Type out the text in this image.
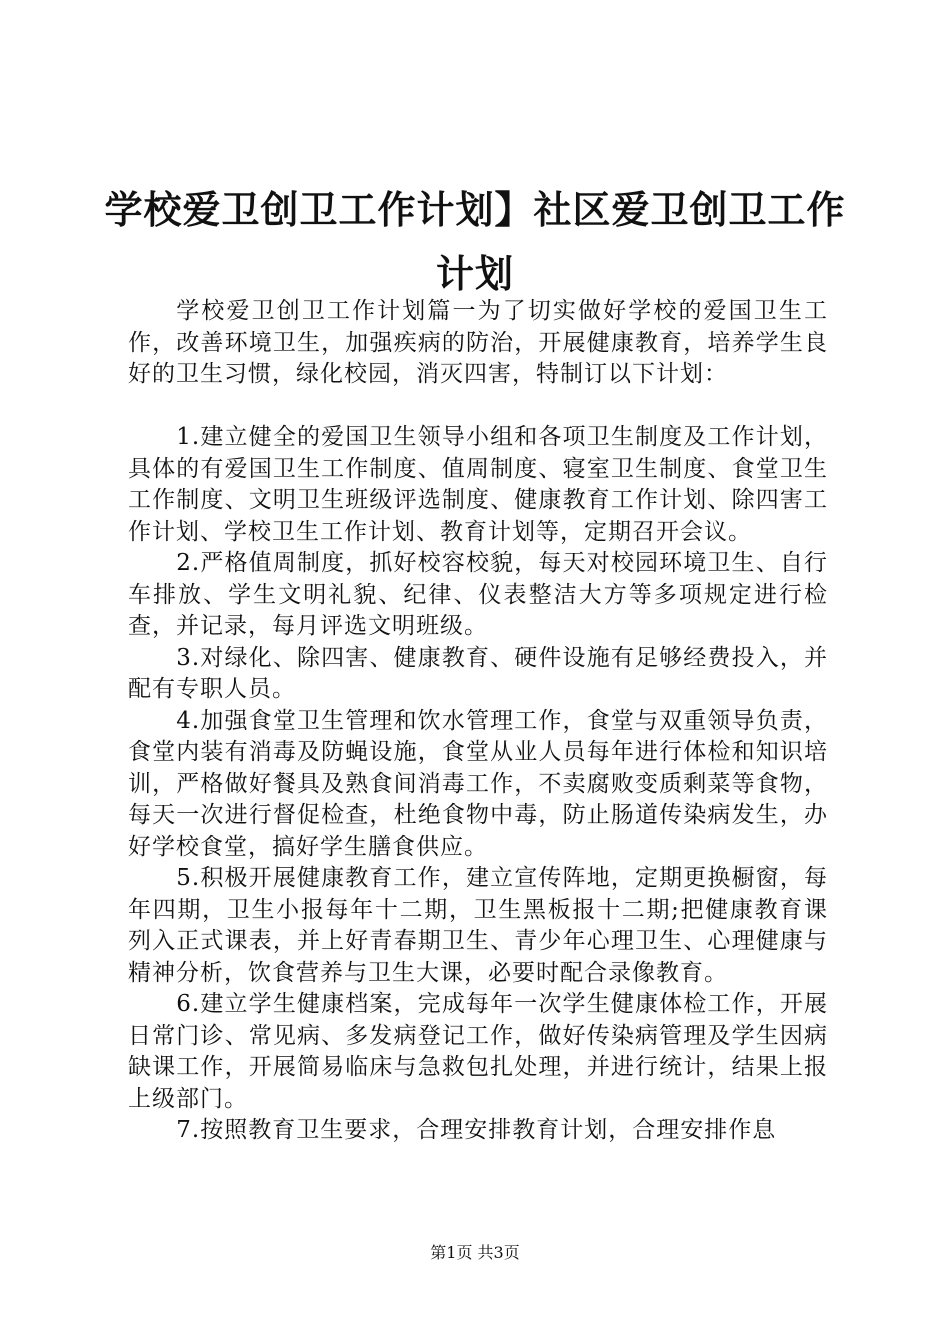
学校爱卫创卫工作计划】社区爱卫创卫工作计划

学校爱卫创卫工作计划篇一为了切实做好学校的爱国卫生工作，改善环境卫生，加强疾病的防治，开展健康教育，培养学生良好的卫生习惯，绿化校园，消灭四害，特制订以下计划：

1.建立健全的爱国卫生领导小组和各项卫生制度及工作计划，具体的有爱国卫生工作制度、值周制度、寝室卫生制度、食堂卫生工作制度、文明卫生班级评选制度、健康教育工作计划、除四害工作计划、学校卫生工作计划、教育计划等，定期召开会议。

2.严格值周制度，抓好校容校貌，每天对校园环境卫生、自行车排放、学生文明礼貌、纪律、仪表整洁大方等多项规定进行检查，并记录，每月评选文明班级。

3.对绿化、除四害、健康教育、硬件设施有足够经费投入，并配有专职人员。

4.加强食堂卫生管理和饮水管理工作，食堂与双重领导负责，食堂内装有消毒及防蝇设施，食堂从业人员每年进行体检和知识培训，严格做好餐具及熟食间消毒工作，不卖腐败变质剩菜等食物，每天一次进行督促检查，杜绝食物中毒，防止肠道传染病发生，办好学校食堂，搞好学生膳食供应。

5.积极开展健康教育工作，建立宣传阵地，定期更换橱窗，每年四期，卫生小报每年十二期，卫生黑板报十二期;把健康教育课列入正式课表，并上好青春期卫生、青少年心理卫生、心理健康与精神分析，饮食营养与卫生大课，必要时配合录像教育。

6.建立学生健康档案，完成每年一次学生健康体检工作，开展日常门诊、常见病、多发病登记工作，做好传染病管理及学生因病缺课工作，开展简易临床与急救包扎处理，并进行统计，结果上报上级部门。

7.按照教育卫生要求，合理安排教育计划，合理安排作息

第1页 共3页
